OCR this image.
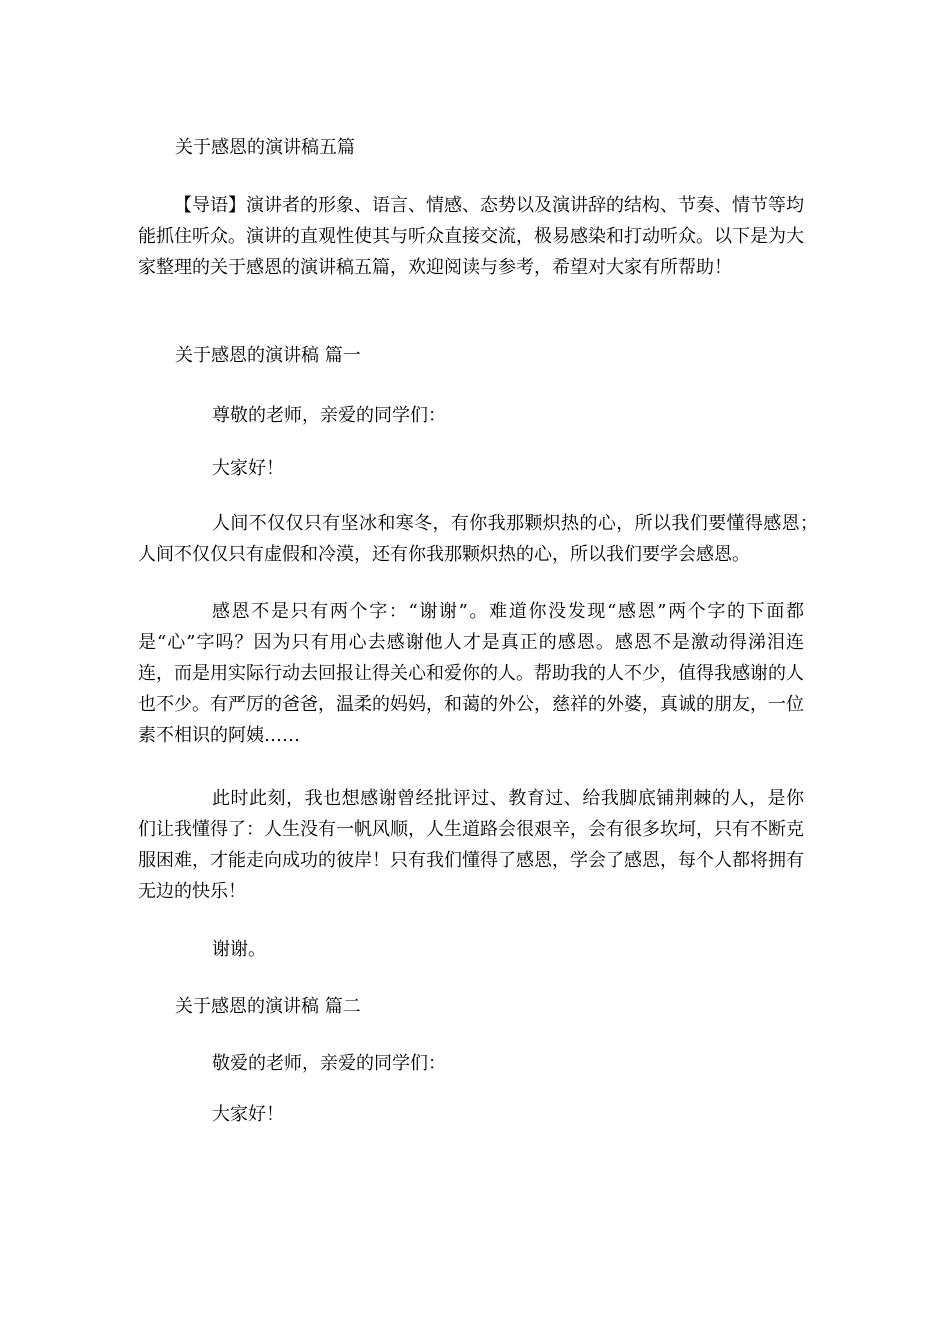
关于感恩的演讲稿五篇

【导语】演讲者的形象、语言、情感、态势以及演讲辞的结构、节奏、情节等均能抓住听众。演讲的直观性使其与听众直接交流，极易感染和打动听众。以下是为大家整理的关于感恩的演讲稿五篇，欢迎阅读与参考，希望对大家有所帮助！

关于感恩的演讲稿 篇一

尊敬的老师，亲爱的同学们：

大家好！

人间不仅仅只有坚冰和寒冬，有你我那颗炽热的心，所以我们要懂得感恩；人间不仅仅只有虚假和冷漠，还有你我那颗炽热的心，所以我们要学会感恩。

感恩不是只有两个字：“谢谢”。难道你没发现“感恩”两个字的下面都是“心”字吗？因为只有用心去感谢他人才是真正的感恩。感恩不是激动得涕泪连连，而是用实际行动去回报让得关心和爱你的人。帮助我的人不少，值得我感谢的人也不少。有严厉的爸爸，温柔的妈妈，和蔼的外公，慈祥的外婆，真诚的朋友，一位素不相识的阿姨……

此时此刻，我也想感谢曾经批评过、教育过、给我脚底铺荆棘的人，是你们让我懂得了：人生没有一帆风顺，人生道路会很艰辛，会有很多坎坷，只有不断克服困难，才能走向成功的彼岸！只有我们懂得了感恩，学会了感恩，每个人都将拥有无边的快乐！

谢谢。

关于感恩的演讲稿 篇二

敬爱的老师，亲爱的同学们：

大家好！
